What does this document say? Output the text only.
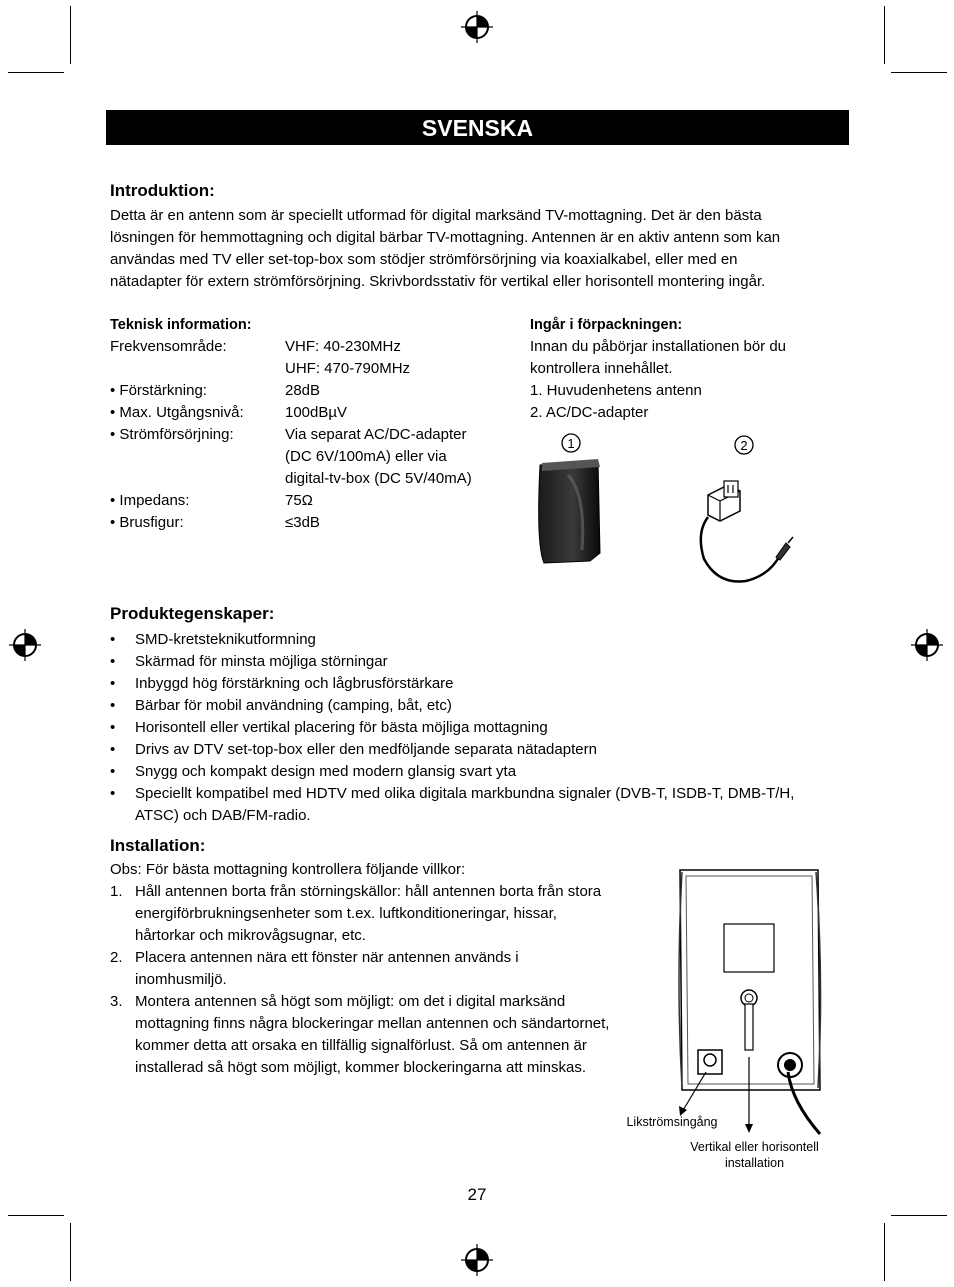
SVENSKA
Introduktion:
Detta är en antenn som är speciellt utformad för digital marksänd TV-mottagning. Det är den bästa
lösningen för hemmottagning och digital bärbar TV-mottagning. Antennen är en aktiv antenn som kan
användas med TV eller set-top-box som stödjer strömförsörjning via koaxialkabel, eller med en
nätadapter för extern strömförsörjning. Skrivbordsstativ för vertikal eller horisontell montering ingår.
Teknisk information:
Frekvensområde:	VHF: 40-230MHz
UHF: 470-790MHz
• Förstärkning:	28dB
• Max. Utgångsnivå:	100dBµV
• Strömförsörjning:	Via separat AC/DC-adapter
(DC 6V/100mA) eller via
digital-tv-box (DC 5V/40mA)
• Impedans:	75Ω
• Brusfigur:	≤3dB
Ingår i förpackningen:
Innan du påbörjar installationen bör du
kontrollera innehållet.
1. Huvudenhetens antenn
2. AC/DC-adapter
1	2
Produktegenskaper:
•	SMD-kretsteknikutformning
•	Skärmad för minsta möjliga störningar
•	Inbyggd hög förstärkning och lågbrusförstärkare
•	Bärbar för mobil användning (camping, båt, etc)
•	Horisontell eller vertikal placering för bästa möjliga mottagning
•	Drivs av DTV set-top-box eller den medföljande separata nätadaptern
•	Snygg och kompakt design med modern glansig svart yta
•	Speciellt kompatibel med HDTV med olika digitala markbundna signaler (DVB-T, ISDB-T, DMB-T/H,
ATSC) och DAB/FM-radio.
Installation:
Obs: För bästa mottagning kontrollera följande villkor:
1. Håll antennen borta från störningskällor: håll antennen borta från stora
energiförbrukningsenheter som t.ex. luftkonditioneringar, hissar,
hårtorkar och mikrovågsugnar, etc.
2. Placera antennen nära ett fönster när antennen används i
inomhusmiljö.
3. Montera antennen så högt som möjligt: om det i digital marksänd
mottagning finns några blockeringar mellan antennen och sändartornet,
kommer detta att orsaka en tillfällig signalförlust. Så om antennen är
installerad så högt som möjligt, kommer blockeringarna att minskas.
Likströmsingång
Vertikal eller horisontell
installation
27
